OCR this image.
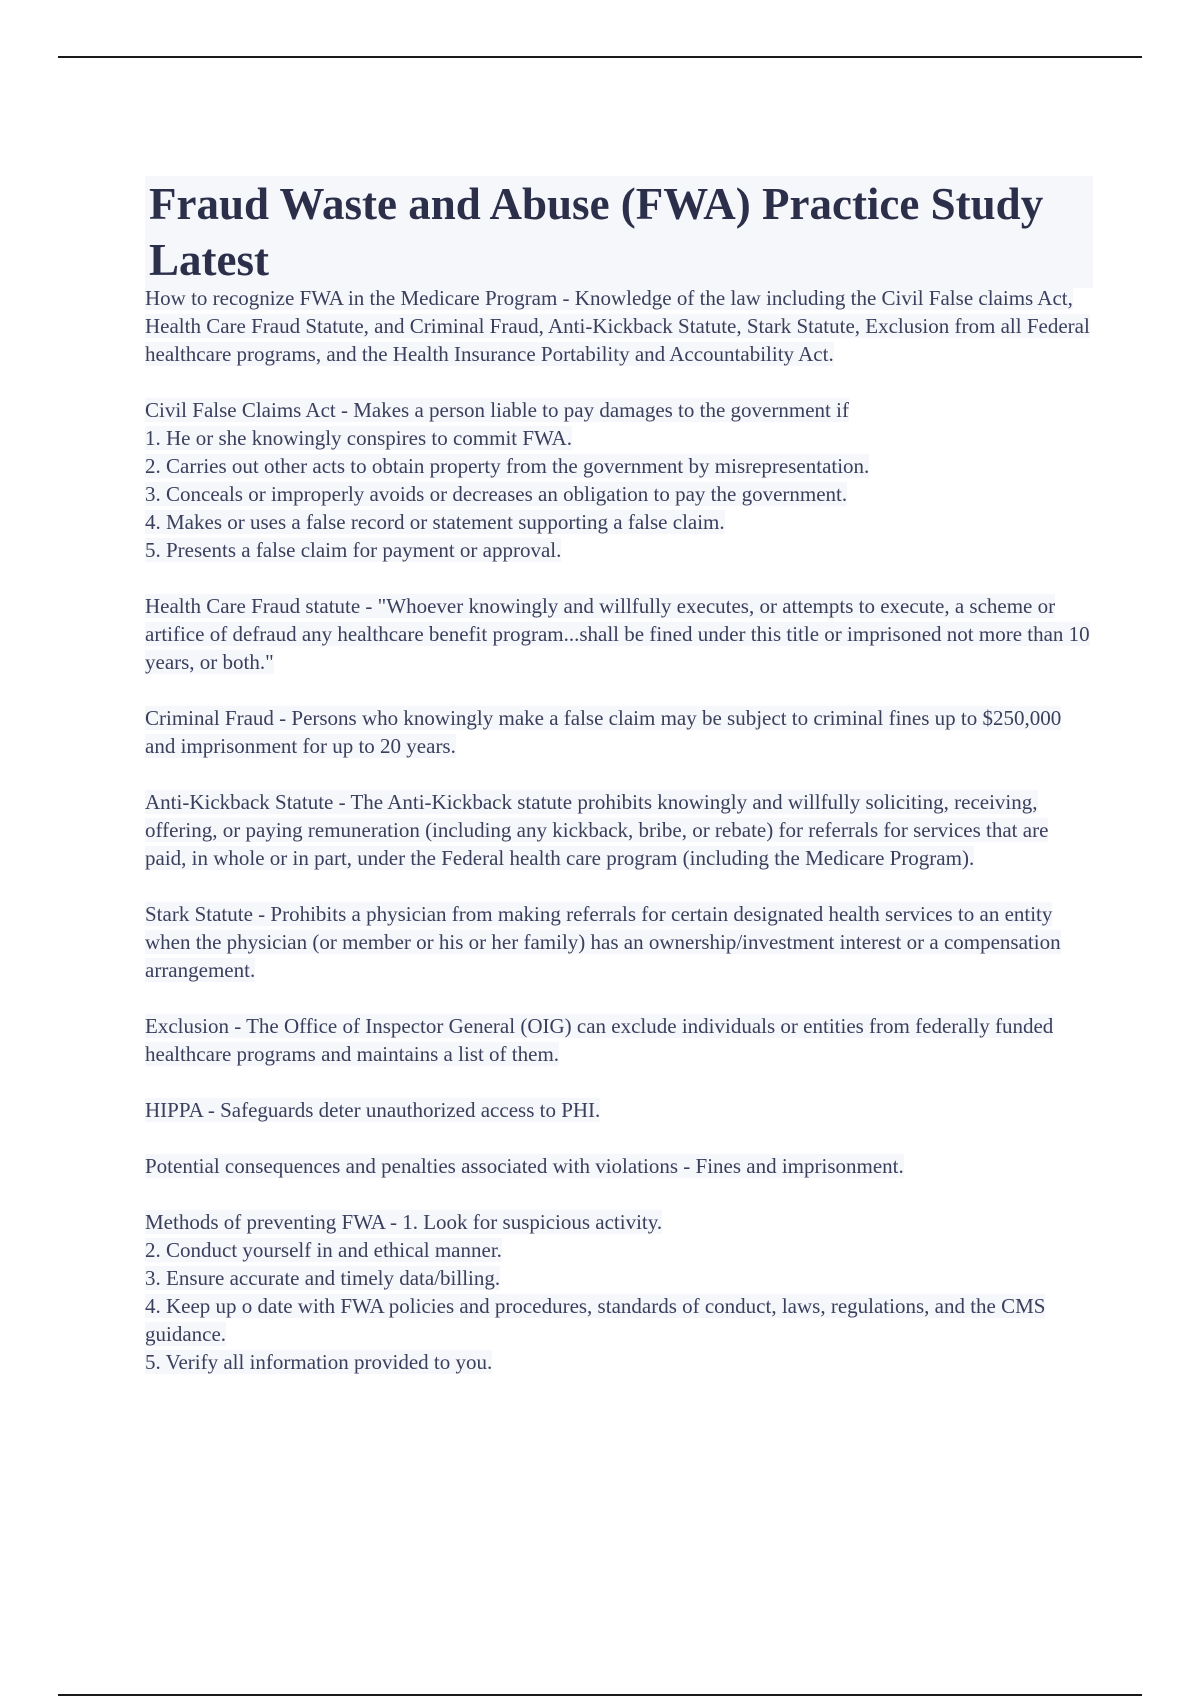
Fraud Waste and Abuse (FWA) Practice Study Latest
How to recognize FWA in the Medicare Program - Knowledge of the law including the Civil False claims Act, Health Care Fraud Statute, and Criminal Fraud, Anti-Kickback Statute, Stark Statute, Exclusion from all Federal healthcare programs, and the Health Insurance Portability and Accountability Act.
Civil False Claims Act - Makes a person liable to pay damages to the government if
1. He or she knowingly conspires to commit FWA.
2. Carries out other acts to obtain property from the government by misrepresentation.
3. Conceals or improperly avoids or decreases an obligation to pay the government.
4. Makes or uses a false record or statement supporting a false claim.
5. Presents a false claim for payment or approval.
Health Care Fraud statute - "Whoever knowingly and willfully executes, or attempts to execute, a scheme or artifice of defraud any healthcare benefit program...shall be fined under this title or imprisoned not more than 10 years, or both."
Criminal Fraud - Persons who knowingly make a false claim may be subject to criminal fines up to $250,000 and imprisonment for up to 20 years.
Anti-Kickback Statute - The Anti-Kickback statute prohibits knowingly and willfully soliciting, receiving, offering, or paying remuneration (including any kickback, bribe, or rebate) for referrals for services that are paid, in whole or in part, under the Federal health care program (including the Medicare Program).
Stark Statute - Prohibits a physician from making referrals for certain designated health services to an entity when the physician (or member or his or her family) has an ownership/investment interest or a compensation arrangement.
Exclusion - The Office of Inspector General (OIG) can exclude individuals or entities from federally funded healthcare programs and maintains a list of them.
HIPPA - Safeguards deter unauthorized access to PHI.
Potential consequences and penalties associated with violations - Fines and imprisonment.
Methods of preventing FWA - 1. Look for suspicious activity.
2. Conduct yourself in and ethical manner.
3. Ensure accurate and timely data/billing.
4. Keep up o date with FWA policies and procedures, standards of conduct, laws, regulations, and the CMS guidance.
5. Verify all information provided to you.
